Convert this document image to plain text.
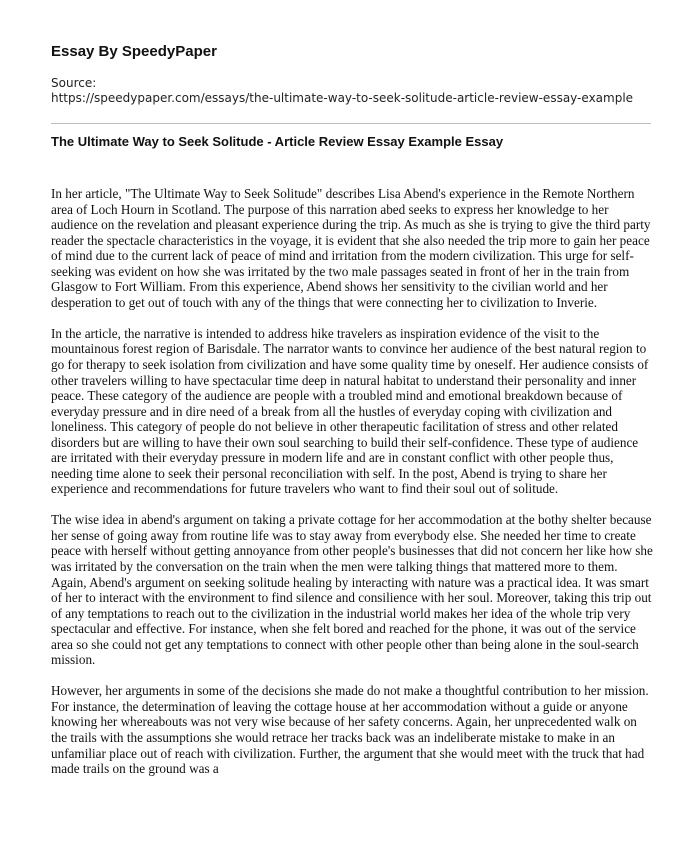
Essay By SpeedyPaper
Source:
https://speedypaper.com/essays/the-ultimate-way-to-seek-solitude-article-review-essay-example
The Ultimate Way to Seek Solitude - Article Review Essay Example Essay

In her article, "The Ultimate Way to Seek Solitude" describes Lisa Abend's experience in the Remote Northern area of Loch Hourn in Scotland. The purpose of this narration abed seeks to express her knowledge to her audience on the revelation and pleasant experience during the trip. As much as she is trying to give the third party reader the spectacle characteristics in the voyage, it is evident that she also needed the trip more to gain her peace of mind due to the current lack of peace of mind and irritation from the modern civilization. This urge for self-seeking was evident on how she was irritated by the two male passages seated in front of her in the train from Glasgow to Fort William. From this experience, Abend shows her sensitivity to the civilian world and her desperation to get out of touch with any of the things that were connecting her to civilization to Inverie.

In the article, the narrative is intended to address hike travelers as inspiration evidence of the visit to the mountainous forest region of Barisdale. The narrator wants to convince her audience of the best natural region to go for therapy to seek isolation from civilization and have some quality time by oneself. Her audience consists of other travelers willing to have spectacular time deep in natural habitat to understand their personality and inner peace. These category of the audience are people with a troubled mind and emotional breakdown because of everyday pressure and in dire need of a break from all the hustles of everyday coping with civilization and loneliness. This category of people do not believe in other therapeutic facilitation of stress and other related disorders but are willing to have their own soul searching to build their self-confidence. These type of audience are irritated with their everyday pressure in modern life and are in constant conflict with other people thus, needing time alone to seek their personal reconciliation with self. In the post, Abend is trying to share her experience and recommendations for future travelers who want to find their soul out of solitude.

The wise idea in abend's argument on taking a private cottage for her accommodation at the bothy shelter because her sense of going away from routine life was to stay away from everybody else. She needed her time to create peace with herself without getting annoyance from other people's businesses that did not concern her like how she was irritated by the conversation on the train when the men were talking things that mattered more to them. Again, Abend's argument on seeking solitude healing by interacting with nature was a practical idea. It was smart of her to interact with the environment to find silence and consilience with her soul. Moreover, taking this trip out of any temptations to reach out to the civilization in the industrial world makes her idea of the whole trip very spectacular and effective. For instance, when she felt bored and reached for the phone, it was out of the service area so she could not get any temptations to connect with other people other than being alone in the soul-search mission.

However, her arguments in some of the decisions she made do not make a thoughtful contribution to her mission. For instance, the determination of leaving the cottage house at her accommodation without a guide or anyone knowing her whereabouts was not very wise because of her safety concerns. Again, her unprecedented walk on the trails with the assumptions she would retrace her tracks back was an indeliberate mistake to make in an unfamiliar place out of reach with civilization. Further, the argument that she would meet with the truck that had made trails on the ground was a
